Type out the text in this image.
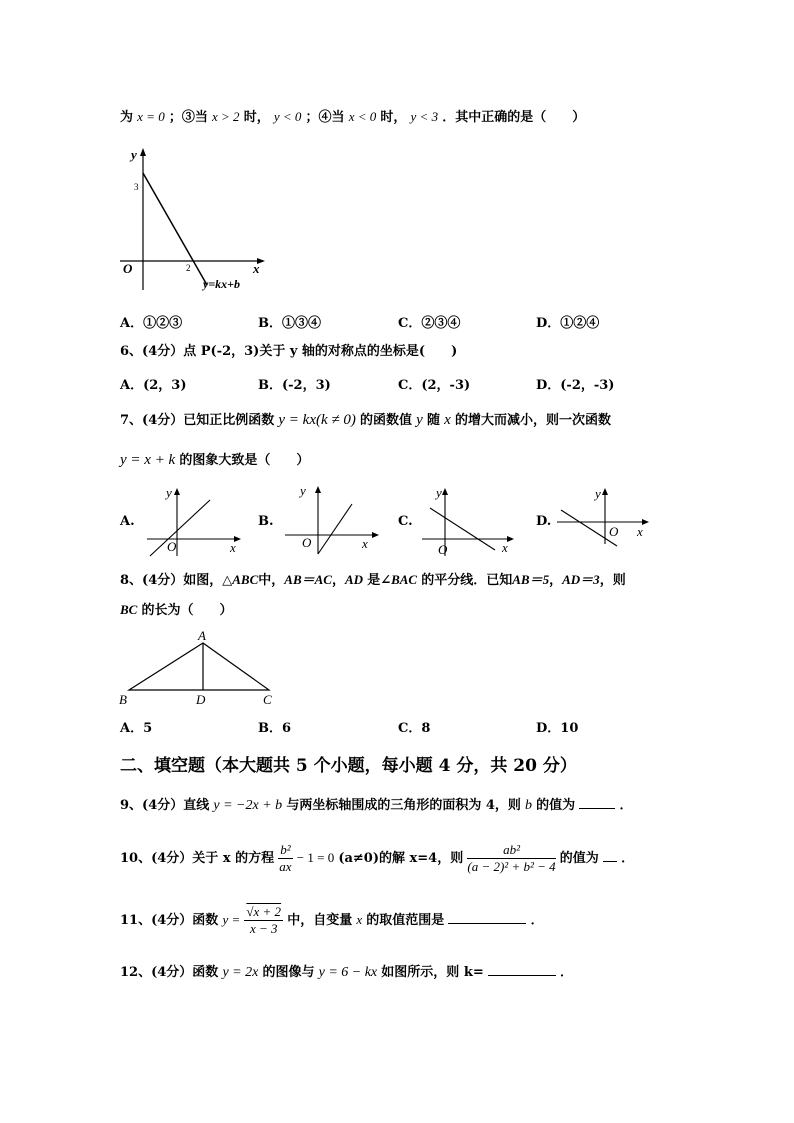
为 x = 0 ；③当 x > 2 时， y < 0 ；④当 x < 0 时， y < 3 ．其中正确的是（　　）
y
x
O
3
2
y=kx+b
A．①②③	B．①③④	C．②③④	D．①②④
6、(4分）点 P(-2，3)关于 y 轴的对称点的坐标是(　　)
A．(2，3)	B．(-2，3)	C．(2，-3)	D．(-2，-3)
7、(4分）已知正比例函数 y = kx(k ≠ 0) 的函数值 y 随 x 的增大而减小，则一次函数
y = x + k 的图象大致是（　　）
A.
y
x
O
B.
y
x
O
C.
y
x
O
D.
y
x
O
8、(4分）如图，△ABC中，AB＝AC，AD 是∠BAC 的平分线．已知AB＝5，AD＝3，则
BC 的长为（　　）
A
B	D	C
A．5	B．6	C．8	D．10
二、填空题（本大题共 5 个小题，每小题 4 分，共 20 分）
9、(4分）直线 y = −2x + b 与两坐标轴围成的三角形的面积为 4，则 b 的值为	．
10、(4分）关于 x 的方程 $\frac{\text{b²}}{ax} - 1 = 0$ (a≠0)的解 x=4，则 $\frac{\text{ab²}}{\text{(a − 2)² + b² − 4}}$ 的值为 ．
11、(4分）函数 $y = \frac{√x + 2}{x - 3}$ 中，自变量 x 的取值范围是	．
12、(4分）函数 y = 2x 的图像与 y = 6 − kx 如图所示，则 k=	．
